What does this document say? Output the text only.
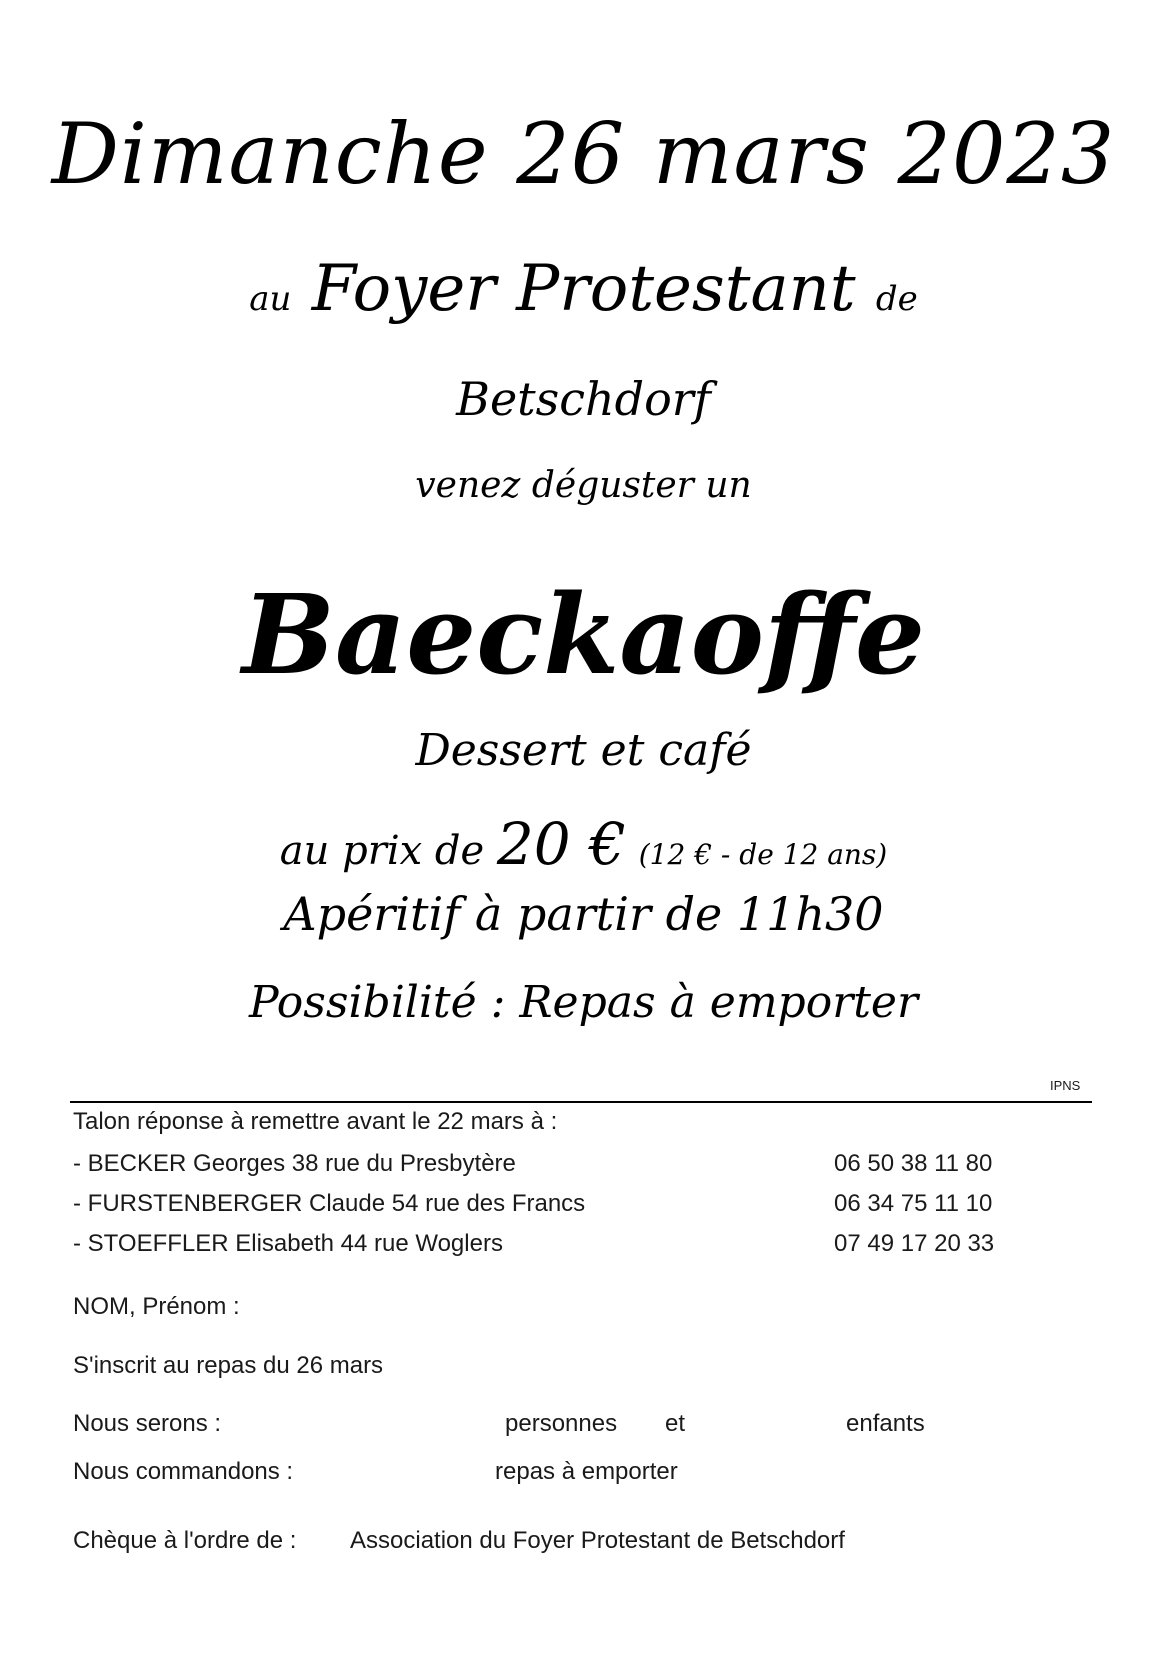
Dimanche 26 mars 2023
au Foyer Protestant de
Betschdorf
venez déguster un
Baeckaoffe
Dessert et café
au prix de 20 € (12 € - de 12 ans)
Apéritif à partir de 11h30
Possibilité : Repas à emporter
IPNS
Talon réponse à remettre avant le 22 mars à :
- BECKER Georges 38 rue du Presbytère	06 50 38 11 80
- FURSTENBERGER Claude 54 rue des Francs	06 34 75 11 10
- STOEFFLER Elisabeth 44 rue Woglers	07 49 17 20 33
NOM, Prénom :
S'inscrit au repas du 26 mars
Nous serons :	personnes et	enfants
Nous commandons :	repas à emporter
Chèque à l'ordre de : Association du Foyer Protestant de Betschdorf
